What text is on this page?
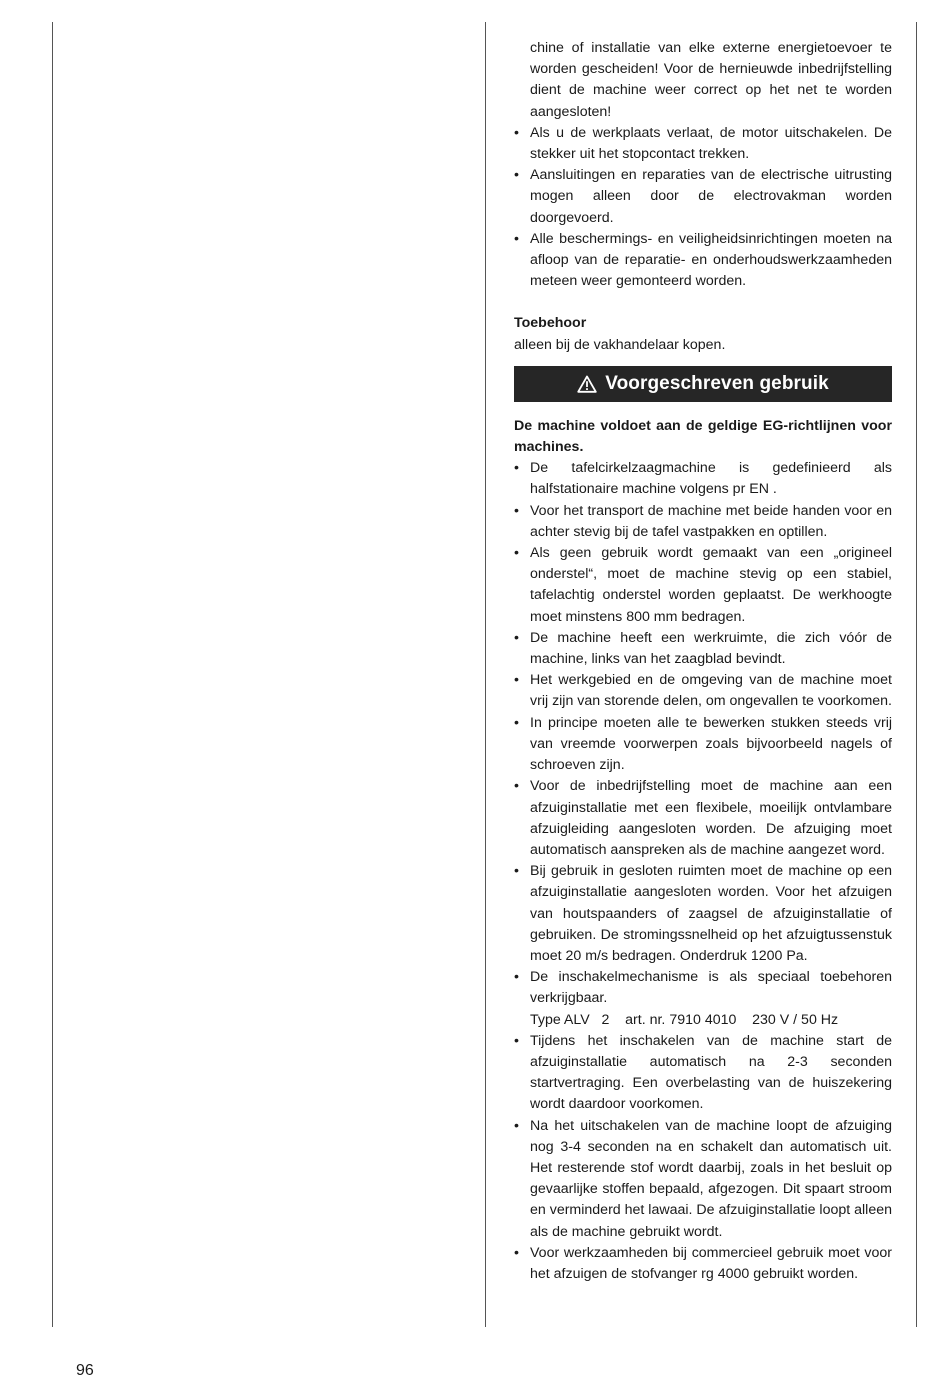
chine of installatie van elke externe energietoevoer te worden gescheiden! Voor de hernieuwde inbedrijfstelling dient de machine weer correct op het net te worden aangesloten!

• Als u de werkplaats verlaat, de motor uitschakelen. De stekker uit het stopcontact trekken.

• Aansluitingen en reparaties van de electrische uitrusting mogen alleen door de electrovakman worden doorgevoerd.

• Alle beschermings- en veiligheidsinrichtingen moeten na afloop van de reparatie- en onderhoudswerkzaamheden meteen weer gemonteerd worden.

Toebehoor

alleen bij de vakhandelaar kopen.

Voorgeschreven gebruik

De machine voldoet aan de geldige EG-richtlijnen voor machines.

• De tafelcirkelzaagmachine is gedefinieerd als halfstationaire machine volgens pr EN .

• Voor het transport de machine met beide handen voor en achter stevig bij de tafel vastpakken en optillen.

• Als geen gebruik wordt gemaakt van een „origineel onderstel“, moet de machine stevig op een stabiel, tafelachtig onderstel worden geplaatst. De werkhoogte moet minstens 800 mm bedragen.

• De machine heeft een werkruimte, die zich vóór de machine, links van het zaagblad bevindt.

• Het werkgebied en de omgeving van de machine moet vrij zijn van storende delen, om ongevallen te voorkomen.

• In principe moeten alle te bewerken stukken steeds vrij van vreemde voorwerpen zoals bijvoorbeeld nagels of schroeven zijn.

• Voor de inbedrijfstelling moet de machine aan een afzuiginstallatie met een flexibele, moeilijk ontvlambare afzuigleiding aangesloten worden. De afzuiging moet automatisch aanspreken als de machine aangezet word.

• Bij gebruik in gesloten ruimten moet de machine op een afzuiginstallatie aangesloten worden. Voor het afzuigen van houtspaanders of zaagsel de afzuiginstallatie of gebruiken. De stromingssnelheid op het afzuigtussenstuk moet 20 m/s bedragen. Onderdruk 1200 Pa.

• De inschakelmechanisme is als speciaal toebehoren verkrijgbaar.

Type ALV   2    art. nr. 7910 4010    230 V / 50 Hz

• Tijdens het inschakelen van de machine start de afzuiginstallatie automatisch na 2-3 seconden startvertraging. Een overbelasting van de huiszekering wordt daardoor voorkomen.

• Na het uitschakelen van de machine loopt de afzuiging nog 3-4 seconden na en schakelt dan automatisch uit. Het resterende stof wordt daarbij, zoals in het besluit op gevaarlijke stoffen bepaald, afgezogen. Dit spaart stroom en verminderd het lawaai. De afzuiginstallatie loopt alleen als de machine gebruikt wordt.

• Voor werkzaamheden bij commercieel gebruik moet voor het afzuigen de stofvanger rg 4000 gebruikt worden.

96
